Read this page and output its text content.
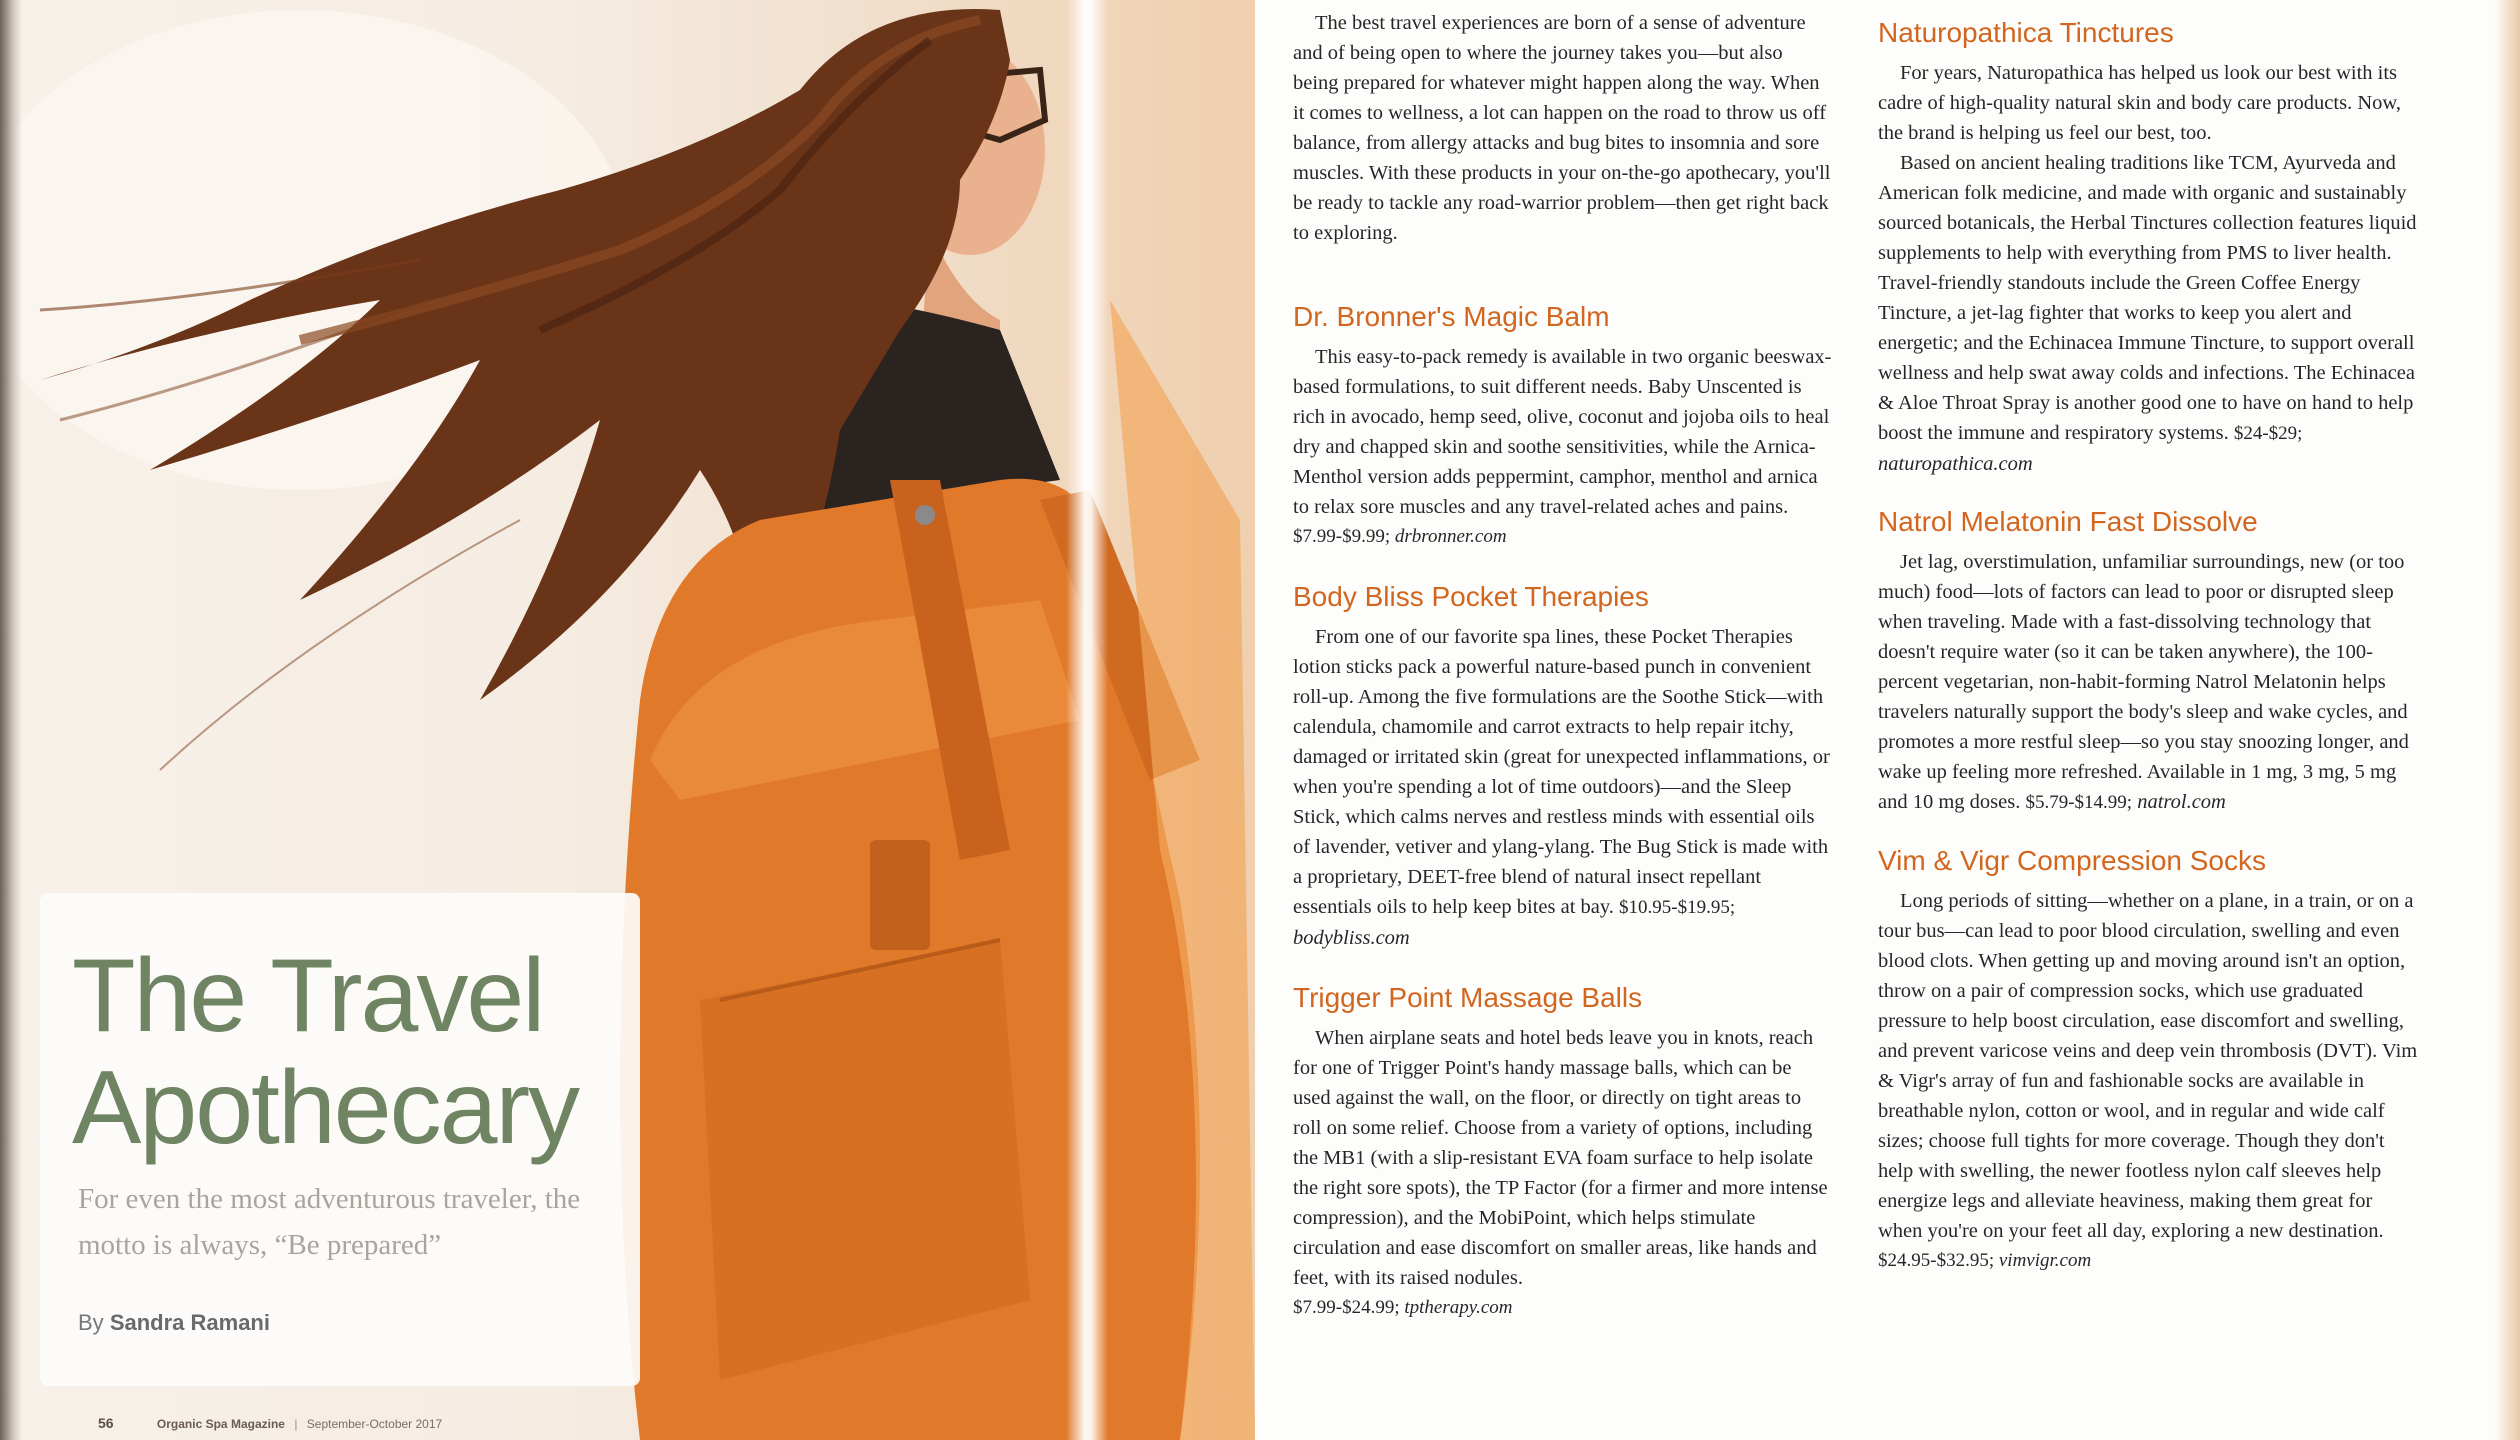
The Travel
Apothecary

For even the most adventurous traveler, the motto is always, “Be prepared”

By Sandra Ramani
56	Organic Spa Magazine | September-October 2017

The best travel experiences are born of a sense of adventure and of being open to where the journey takes you—but also being prepared for whatever might happen along the way. When it comes to wellness, a lot can happen on the road to throw us off balance, from allergy attacks and bug bites to insomnia and sore muscles. With these products in your on-the-go apothecary, you'll be ready to tackle any road-warrior problem—then get right back to exploring.

Dr. Bronner's Magic Balm

This easy-to-pack remedy is available in two organic beeswax-based formulations, to suit different needs. Baby Unscented is rich in avocado, hemp seed, olive, coconut and jojoba oils to heal dry and chapped skin and soothe sensitivities, while the Arnica-Menthol version adds peppermint, camphor, menthol and arnica to relax sore muscles and any travel-related aches and pains.

$7.99-$9.99; drbronner.com

Body Bliss Pocket Therapies

From one of our favorite spa lines, these Pocket Therapies lotion sticks pack a powerful nature-based punch in convenient roll-up. Among the five formulations are the Soothe Stick—with calendula, chamomile and carrot extracts to help repair itchy, damaged or irritated skin (great for unexpected inflammations, or when you're spending a lot of time outdoors)—and the Sleep Stick, which calms nerves and restless minds with essential oils of lavender, vetiver and ylang-ylang. The Bug Stick is made with a proprietary, DEET-free blend of natural insect repellant essentials oils to help keep bites at bay. $10.95-$19.95; bodybliss.com

Trigger Point Massage Balls

When airplane seats and hotel beds leave you in knots, reach for one of Trigger Point's handy massage balls, which can be used against the wall, on the floor, or directly on tight areas to roll on some relief. Choose from a variety of options, including the MB1 (with a slip-resistant EVA foam surface to help isolate the right sore spots), the TP Factor (for a firmer and more intense compression), and the MobiPoint, which helps stimulate circulation and ease discomfort on smaller areas, like hands and feet, with its raised nodules.

$7.99-$24.99; tptherapy.com

Naturopathica Tinctures

For years, Naturopathica has helped us look our best with its cadre of high-quality natural skin and body care products. Now, the brand is helping us feel our best, too.

Based on ancient healing traditions like TCM, Ayurveda and American folk medicine, and made with organic and sustainably sourced botanicals, the Herbal Tinctures collection features liquid supplements to help with everything from PMS to liver health. Travel-friendly standouts include the Green Coffee Energy Tincture, a jet-lag fighter that works to keep you alert and energetic; and the Echinacea Immune Tincture, to support overall wellness and help swat away colds and infections. The Echinacea & Aloe Throat Spray is another good one to have on hand to help boost the immune and respiratory systems. $24-$29; naturopathica.com

Natrol Melatonin Fast Dissolve

Jet lag, overstimulation, unfamiliar surroundings, new (or too much) food—lots of factors can lead to poor or disrupted sleep when traveling. Made with a fast-dissolving technology that doesn't require water (so it can be taken anywhere), the 100-percent vegetarian, non-habit-forming Natrol Melatonin helps travelers naturally support the body's sleep and wake cycles, and promotes a more restful sleep—so you stay snoozing longer, and wake up feeling more refreshed. Available in 1 mg, 3 mg, 5 mg and 10 mg doses. $5.79-$14.99; natrol.com

Vim & Vigr Compression Socks

Long periods of sitting—whether on a plane, in a train, or on a tour bus—can lead to poor blood circulation, swelling and even blood clots. When getting up and moving around isn't an option, throw on a pair of compression socks, which use graduated pressure to help boost circulation, ease discomfort and swelling, and prevent varicose veins and deep vein thrombosis (DVT). Vim & Vigr's array of fun and fashionable socks are available in breathable nylon, cotton or wool, and in regular and wide calf sizes; choose full tights for more coverage. Though they don't help with swelling, the newer footless nylon calf sleeves help energize legs and alleviate heaviness, making them great for when you're on your feet all day, exploring a new destination.

$24.95-$32.95; vimvigr.com
